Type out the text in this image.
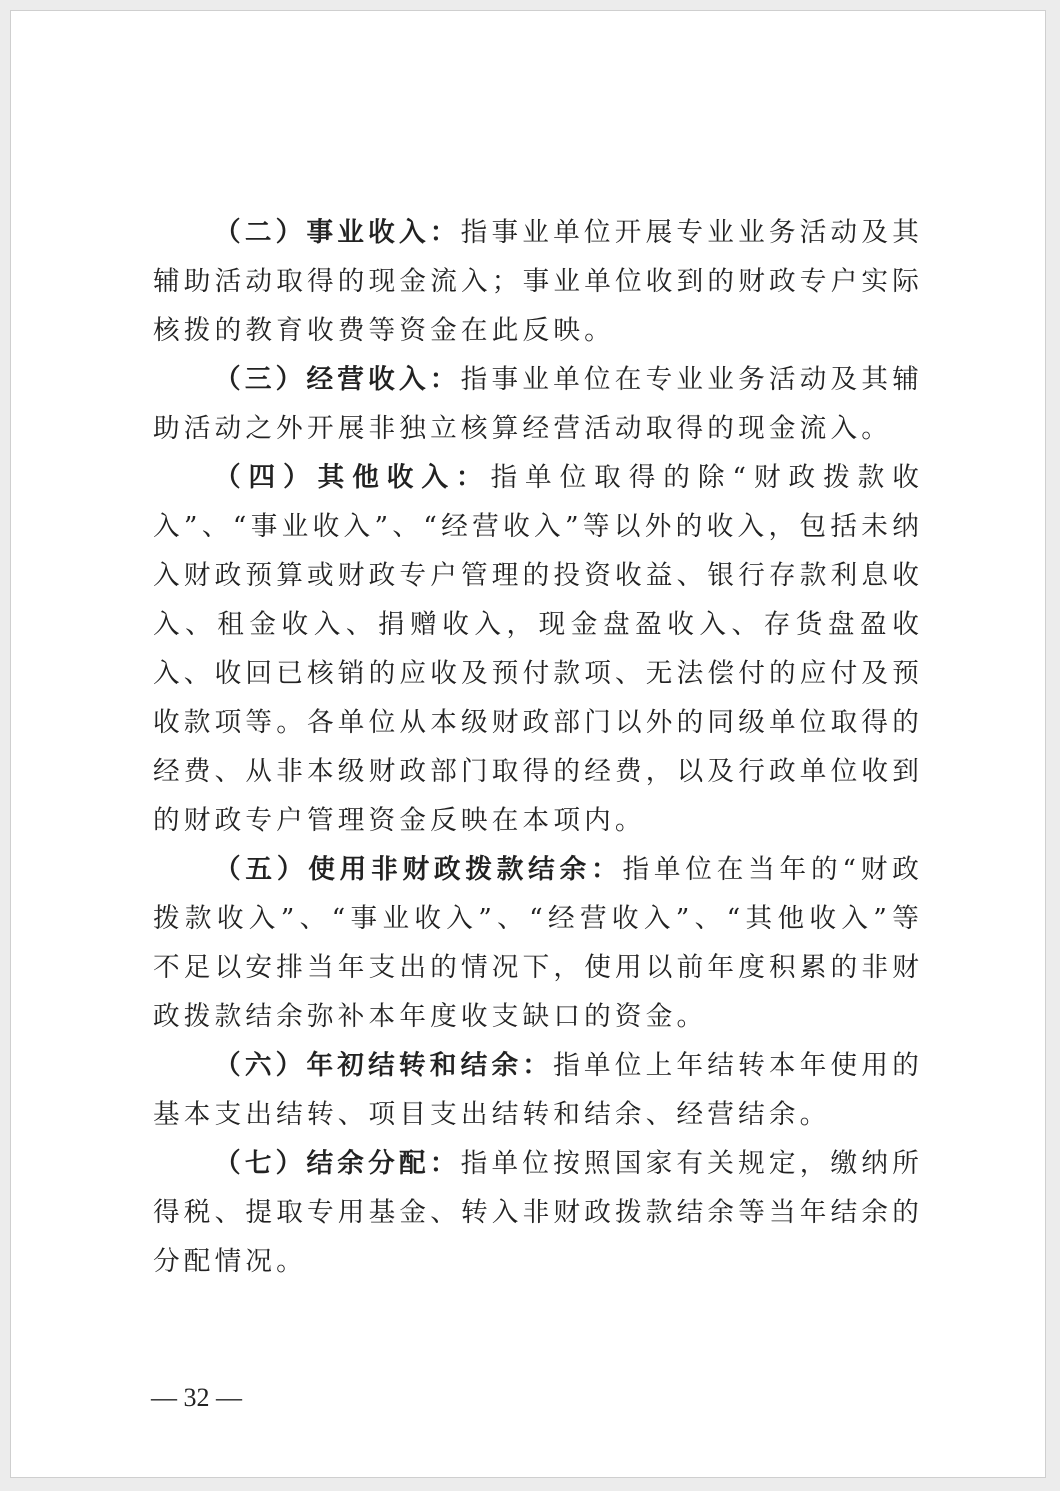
（二）事业收入：指事业单位开展专业业务活动及其辅助活动取得的现金流入；事业单位收到的财政专户实际核拨的教育收费等资金在此反映。

（三）经营收入：指事业单位在专业业务活动及其辅助活动之外开展非独立核算经营活动取得的现金流入。

（四）其他收入：指单位取得的除“财政拨款收入”、“事业收入”、“经营收入”等以外的收入，包括未纳入财政预算或财政专户管理的投资收益、银行存款利息收入、租金收入、捐赠收入，现金盘盈收入、存货盘盈收入、收回已核销的应收及预付款项、无法偿付的应付及预收款项等。各单位从本级财政部门以外的同级单位取得的经费、从非本级财政部门取得的经费，以及行政单位收到的财政专户管理资金反映在本项内。

（五）使用非财政拨款结余：指单位在当年的“财政拨款收入”、“事业收入”、“经营收入”、“其他收入”等不足以安排当年支出的情况下，使用以前年度积累的非财政拨款结余弥补本年度收支缺口的资金。

（六）年初结转和结余：指单位上年结转本年使用的基本支出结转、项目支出结转和结余、经营结余。

（七）结余分配：指单位按照国家有关规定，缴纳所得税、提取专用基金、转入非财政拨款结余等当年结余的分配情况。

— 32 —
